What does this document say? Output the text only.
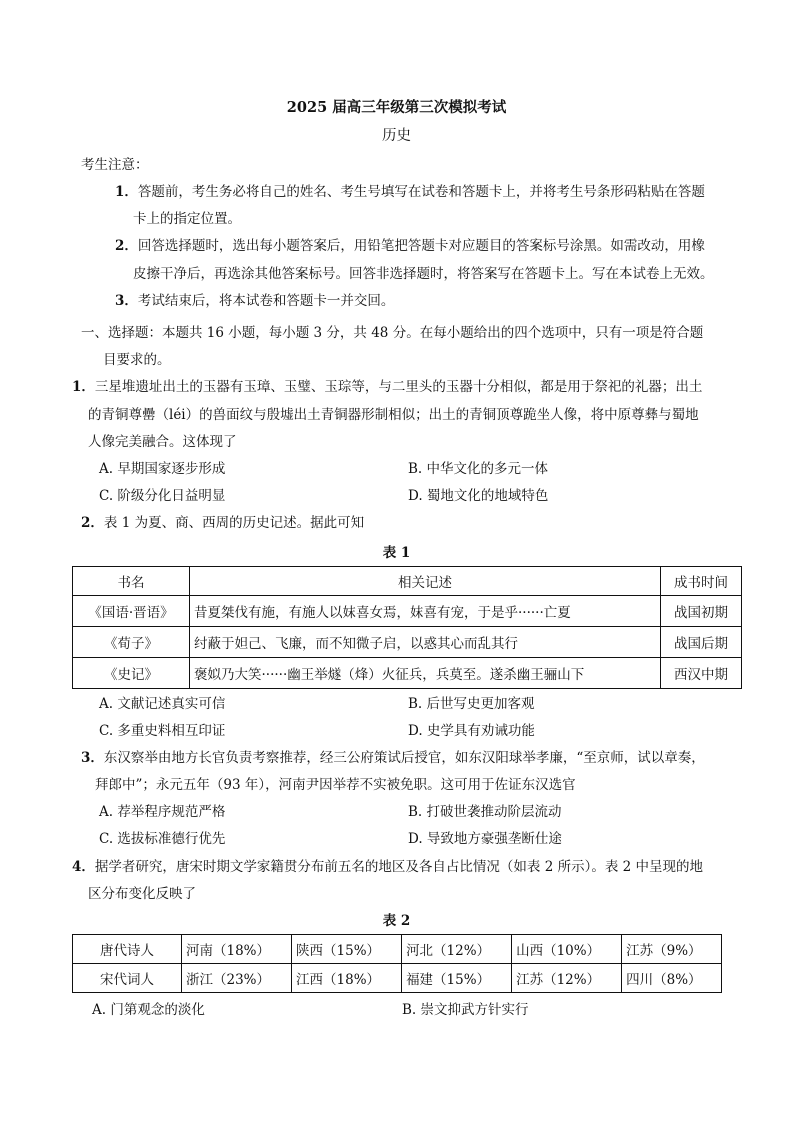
2025 届高三年级第三次模拟考试
历史
考生注意：
1．答题前，考生务必将自己的姓名、考生号填写在试卷和答题卡上，并将考生号条形码粘贴在答题
卡上的指定位置。
2．回答选择题时，选出每小题答案后，用铅笔把答题卡对应题目的答案标号涂黑。如需改动，用橡
皮擦干净后，再选涂其他答案标号。回答非选择题时，将答案写在答题卡上。写在本试卷上无效。
3．考试结束后，将本试卷和答题卡一并交回。
一、选择题：本题共 16 小题，每小题 3 分，共 48 分。在每小题给出的四个选项中，只有一项是符合题
目要求的。
1．三星堆遗址出土的玉器有玉璋、玉璧、玉琮等，与二里头的玉器十分相似，都是用于祭祀的礼器；出土
的青铜尊罍（léi）的兽面纹与殷墟出土青铜器形制相似；出土的青铜顶尊跪坐人像，将中原尊彝与蜀地
人像完美融合。这体现了
A. 早期国家逐步形成	B. 中华文化的多元一体
C. 阶级分化日益明显	D. 蜀地文化的地域特色
2．表 1 为夏、商、西周的历史记述。据此可知
表 1
书名	相关记述	成书时间
《国语·晋语》	昔夏桀伐有施，有施人以妺喜女焉，妺喜有宠，于是乎······亡夏	战国初期
《荀子》	纣蔽于妲己、飞廉，而不知微子启，以惑其心而乱其行	战国后期
《史记》	褒姒乃大笑······幽王举燧（烽）火征兵，兵莫至。遂杀幽王骊山下	西汉中期
A. 文献记述真实可信	B. 后世写史更加客观
C. 多重史料相互印证	D. 史学具有劝诫功能
3．东汉察举由地方长官负责考察推荐，经三公府策试后授官，如东汉阳球举孝廉，“至京师，试以章奏，
拜郎中”；永元五年（93 年），河南尹因举荐不实被免职。这可用于佐证东汉选官
A. 荐举程序规范严格	B. 打破世袭推动阶层流动
C. 选拔标准德行优先	D. 导致地方豪强垄断仕途
4．据学者研究，唐宋时期文学家籍贯分布前五名的地区及各自占比情况（如表 2 所示）。表 2 中呈现的地
区分布变化反映了
表 2
唐代诗人	河南（18%）	陕西（15%）	河北（12%）	山西（10%）	江苏（9%）
宋代词人	浙江（23%）	江西（18%）	福建（15%）	江苏（12%）	四川（8%）
A. 门第观念的淡化	B. 崇文抑武方针实行
